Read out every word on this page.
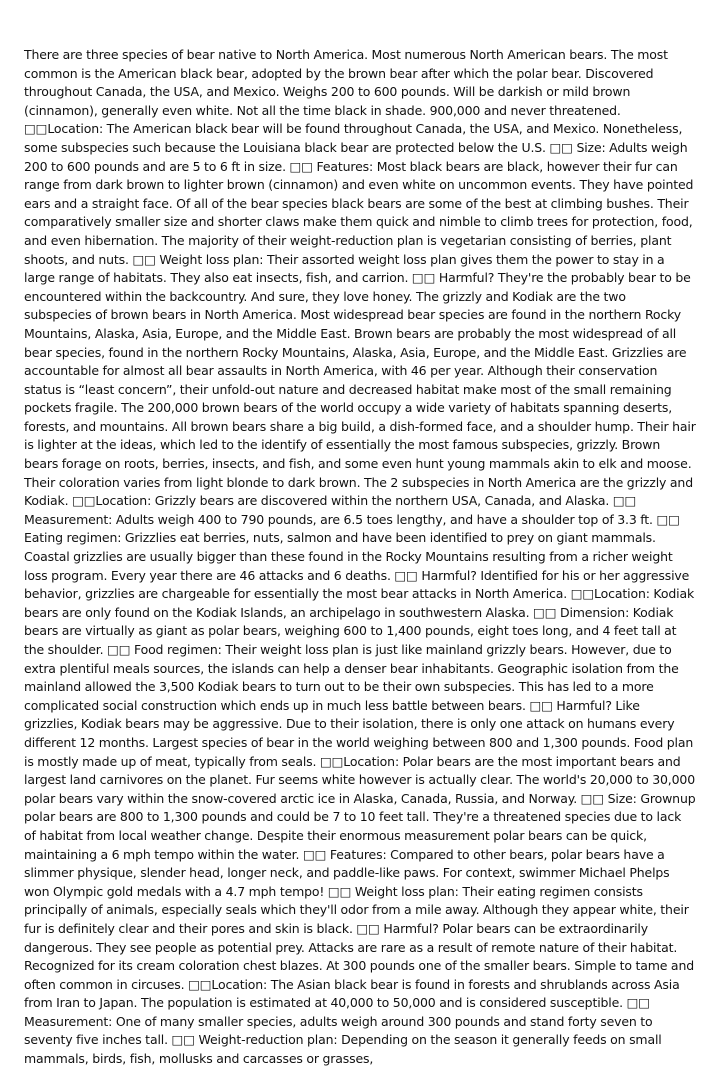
There are three species of bear native to North America. Most numerous North American bears. The most common is the American black bear, adopted by the brown bear after which the polar bear. Discovered throughout Canada, the USA, and Mexico. Weighs 200 to 600 pounds. Will be darkish or mild brown (cinnamon), generally even white. Not all the time black in shade. 900,000 and never threatened. □□Location: The American black bear will be found throughout Canada, the USA, and Mexico. Nonetheless, some subspecies such because the Louisiana black bear are protected below the U.S. □□ Size: Adults weigh 200 to 600 pounds and are 5 to 6 ft in size. □□ Features: Most black bears are black, however their fur can range from dark brown to lighter brown (cinnamon) and even white on uncommon events. They have pointed ears and a straight face. Of all of the bear species black bears are some of the best at climbing bushes. Their comparatively smaller size and shorter claws make them quick and nimble to climb trees for protection, food, and even hibernation. The majority of their weight-reduction plan is vegetarian consisting of berries, plant shoots, and nuts. □□ Weight loss plan: Their assorted weight loss plan gives them the power to stay in a large range of habitats. They also eat insects, fish, and carrion. □□ Harmful? They're the probably bear to be encountered within the backcountry. And sure, they love honey. The grizzly and Kodiak are the two subspecies of brown bears in North America. Most widespread bear species are found in the northern Rocky Mountains, Alaska, Asia, Europe, and the Middle East. Brown bears are probably the most widespread of all bear species, found in the northern Rocky Mountains, Alaska, Asia, Europe, and the Middle East. Grizzlies are accountable for almost all bear assaults in North America, with 46 per year. Although their conservation status is “least concern”, their unfold-out nature and decreased habitat make most of the small remaining pockets fragile. The 200,000 brown bears of the world occupy a wide variety of habitats spanning deserts, forests, and mountains. All brown bears share a big build, a dish-formed face, and a shoulder hump. Their hair is lighter at the ideas, which led to the identify of essentially the most famous subspecies, grizzly. Brown bears forage on roots, berries, insects, and fish, and some even hunt young mammals akin to elk and moose. Their coloration varies from light blonde to dark brown. The 2 subspecies in North America are the grizzly and Kodiak. □□Location: Grizzly bears are discovered within the northern USA, Canada, and Alaska. □□ Measurement: Adults weigh 400 to 790 pounds, are 6.5 toes lengthy, and have a shoulder top of 3.3 ft. □□ Eating regimen: Grizzlies eat berries, nuts, salmon and have been identified to prey on giant mammals. Coastal grizzlies are usually bigger than these found in the Rocky Mountains resulting from a richer weight loss program. Every year there are 46 attacks and 6 deaths. □□ Harmful? Identified for his or her aggressive behavior, grizzlies are chargeable for essentially the most bear attacks in North America. □□Location: Kodiak bears are only found on the Kodiak Islands, an archipelago in southwestern Alaska. □□ Dimension: Kodiak bears are virtually as giant as polar bears, weighing 600 to 1,400 pounds, eight toes long, and 4 feet tall at the shoulder. □□ Food regimen: Their weight loss plan is just like mainland grizzly bears. However, due to extra plentiful meals sources, the islands can help a denser bear inhabitants. Geographic isolation from the mainland allowed the 3,500 Kodiak bears to turn out to be their own subspecies. This has led to a more complicated social construction which ends up in much less battle between bears. □□ Harmful? Like grizzlies, Kodiak bears may be aggressive. Due to their isolation, there is only one attack on humans every different 12 months. Largest species of bear in the world weighing between 800 and 1,300 pounds. Food plan is mostly made up of meat, typically from seals. □□Location: Polar bears are the most important bears and largest land carnivores on the planet. Fur seems white however is actually clear. The world's 20,000 to 30,000 polar bears vary within the snow-covered arctic ice in Alaska, Canada, Russia, and Norway. □□ Size: Grownup polar bears are 800 to 1,300 pounds and could be 7 to 10 feet tall. They're a threatened species due to lack of habitat from local weather change. Despite their enormous measurement polar bears can be quick, maintaining a 6 mph tempo within the water. □□ Features: Compared to other bears, polar bears have a slimmer physique, slender head, longer neck, and paddle-like paws. For context, swimmer Michael Phelps won Olympic gold medals with a 4.7 mph tempo! □□ Weight loss plan: Their eating regimen consists principally of animals, especially seals which they'll odor from a mile away. Although they appear white, their fur is definitely clear and their pores and skin is black. □□ Harmful? Polar bears can be extraordinarily dangerous. They see people as potential prey. Attacks are rare as a result of remote nature of their habitat. Recognized for its cream coloration chest blazes. At 300 pounds one of the smaller bears. Simple to tame and often common in circuses. □□Location: The Asian black bear is found in forests and shrublands across Asia from Iran to Japan. The population is estimated at 40,000 to 50,000 and is considered susceptible. □□ Measurement: One of many smaller species, adults weigh around 300 pounds and stand forty seven to seventy five inches tall. □□ Weight-reduction plan: Depending on the season it generally feeds on small mammals, birds, fish, mollusks and carcasses or grasses,
